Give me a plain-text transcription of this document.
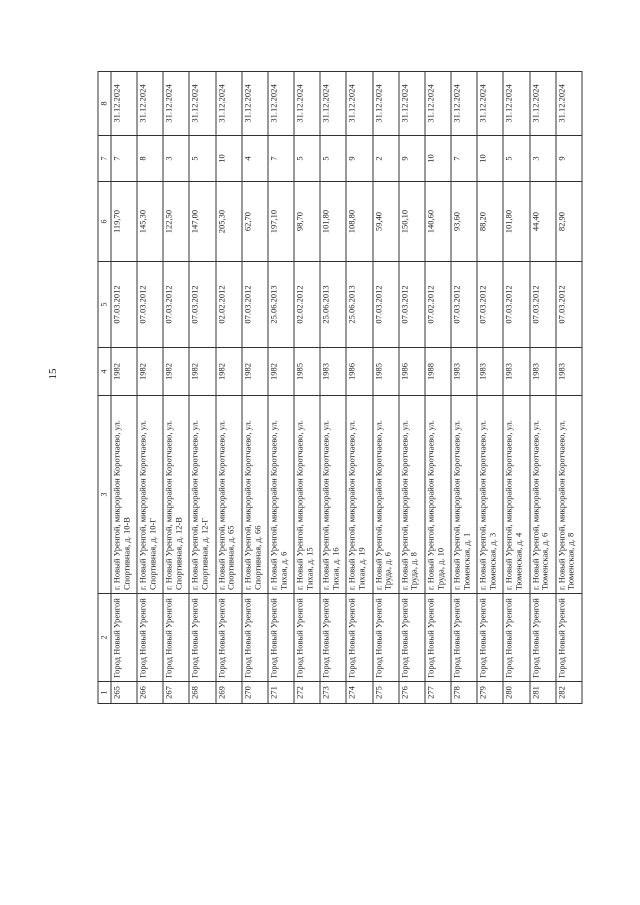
15
1	2	3	4	5	6	7	8
265	Город Новый Уренгой	г. Новый Уренгой, микрорайон Коротчаево, ул. Спортивная, д. 10-В	1982	07.03.2012	119,70	7	31.12.2024
266	Город Новый Уренгой	г. Новый Уренгой, микрорайон Коротчаево, ул. Спортивная, д. 10-Г	1982	07.03.2012	145,30	8	31.12.2024
267	Город Новый Уренгой	г. Новый Уренгой, микрорайон Коротчаево, ул. Спортивная, д. 12-В	1982	07.03.2012	122,50	3	31.12.2024
268	Город Новый Уренгой	г. Новый Уренгой, микрорайон Коротчаево, ул. Спортивная, д. 12-Г	1982	07.03.2012	147,00	5	31.12.2024
269	Город Новый Уренгой	г. Новый Уренгой, микрорайон Коротчаево, ул. Спортивная, д. 65	1982	02.02.2012	205,30	10	31.12.2024
270	Город Новый Уренгой	г. Новый Уренгой, микрорайон Коротчаево, ул. Спортивная, д. 66	1982	07.03.2012	62,70	4	31.12.2024
271	Город Новый Уренгой	г. Новый Уренгой, микрорайон Коротчаево, ул. Тихая, д. 6	1982	25.06.2013	197,10	7	31.12.2024
272	Город Новый Уренгой	г. Новый Уренгой, микрорайон Коротчаево, ул. Тихая, д. 15	1985	02.02.2012	98,70	5	31.12.2024
273	Город Новый Уренгой	г. Новый Уренгой, микрорайон Коротчаево, ул. Тихая, д. 16	1983	25.06.2013	101,80	5	31.12.2024
274	Город Новый Уренгой	г. Новый Уренгой, микрорайон Коротчаево, ул. Тихая, д. 19	1986	25.06.2013	108,80	9	31.12.2024
275	Город Новый Уренгой	г. Новый Уренгой, микрорайон Коротчаево, ул. Труда, д. 6	1985	07.03.2012	59,40	2	31.12.2024
276	Город Новый Уренгой	г. Новый Уренгой, микрорайон Коротчаево, ул. Труда, д. 8	1986	07.03.2012	150,10	9	31.12.2024
277	Город Новый Уренгой	г. Новый Уренгой, микрорайон Коротчаево, ул. Труда, д. 10	1988	07.02.2012	140,60	10	31.12.2024
278	Город Новый Уренгой	г. Новый Уренгой, микрорайон Коротчаево, ул. Тюменская, д. 1	1983	07.03.2012	93,60	7	31.12.2024
279	Город Новый Уренгой	г. Новый Уренгой, микрорайон Коротчаево, ул. Тюменская, д. 3	1983	07.03.2012	88,20	10	31.12.2024
280	Город Новый Уренгой	г. Новый Уренгой, микрорайон Коротчаево, ул. Тюменская, д. 4	1983	07.03.2012	101,80	5	31.12.2024
281	Город Новый Уренгой	г. Новый Уренгой, микрорайон Коротчаево, ул. Тюменская, д. 6	1983	07.03.2012	44,40	3	31.12.2024
282	Город Новый Уренгой	г. Новый Уренгой, микрорайон Коротчаево, ул. Тюменская, д. 8	1983	07.03.2012	82,90	9	31.12.2024
